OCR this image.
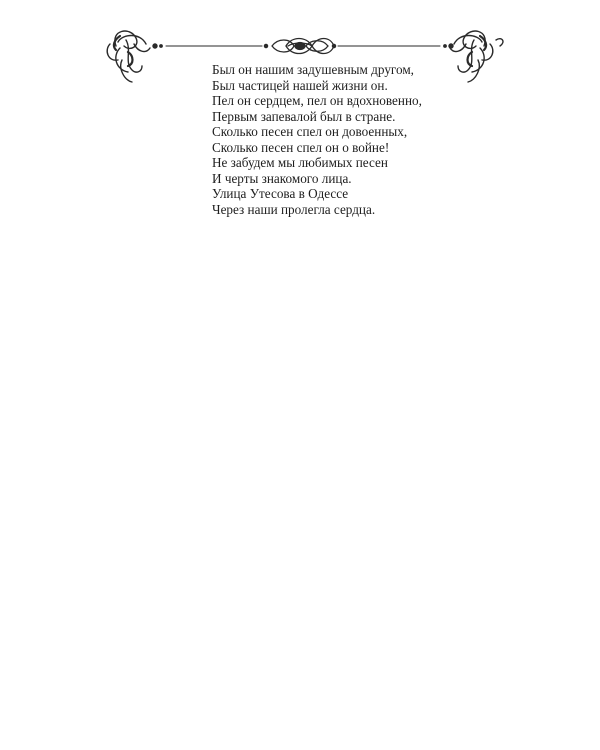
Был он нашим задушевным другом,
Был частицей нашей жизни он.
Пел он сердцем, пел он вдохновенно,
Первым запевалой был в стране.
Сколько песен спел он довоенных,
Сколько песен спел он о войне!
Не забудем мы любимых песен
И черты знакомого лица.
Улица Утесова в Одессе
Через наши пролегла сердца.
